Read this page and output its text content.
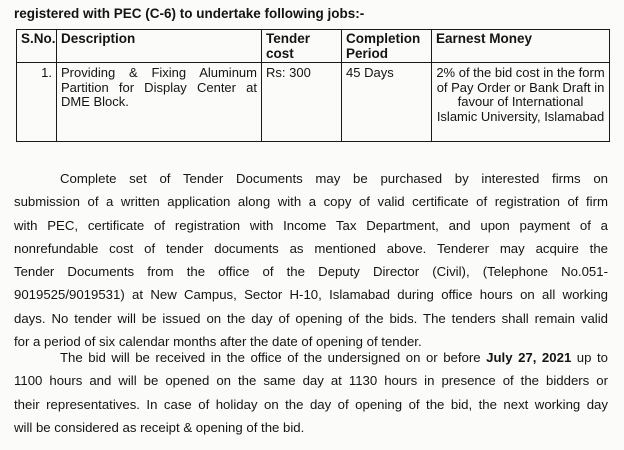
registered with PEC (C-6) to undertake following jobs:-
S.No.	Description	Tender cost	Completion Period	Earnest Money
1.	Providing & Fixing Aluminum Partition for Display Center at DME Block.	Rs: 300	45 Days	2% of the bid cost in the form of Pay Order or Bank Draft in favour of International Islamic University, Islamabad
Complete set of Tender Documents may be purchased by interested firms on
submission of a written application along with a copy of valid certificate of registration of firm
with PEC, certificate of registration with Income Tax Department, and upon payment of a
nonrefundable cost of tender documents as mentioned above. Tenderer may acquire the
Tender Documents from the office of the Deputy Director (Civil), (Telephone No.051-
9019525/9019531) at New Campus, Sector H-10, Islamabad during office hours on all working
days. No tender will be issued on the day of opening of the bids. The tenders shall remain valid
for a period of six calendar months after the date of opening of tender.
The bid will be received in the office of the undersigned on or before July 27, 2021 up to
1100 hours and will be opened on the same day at 1130 hours in presence of the bidders or
their representatives. In case of holiday on the day of opening of the bid, the next working day
will be considered as receipt & opening of the bid.
